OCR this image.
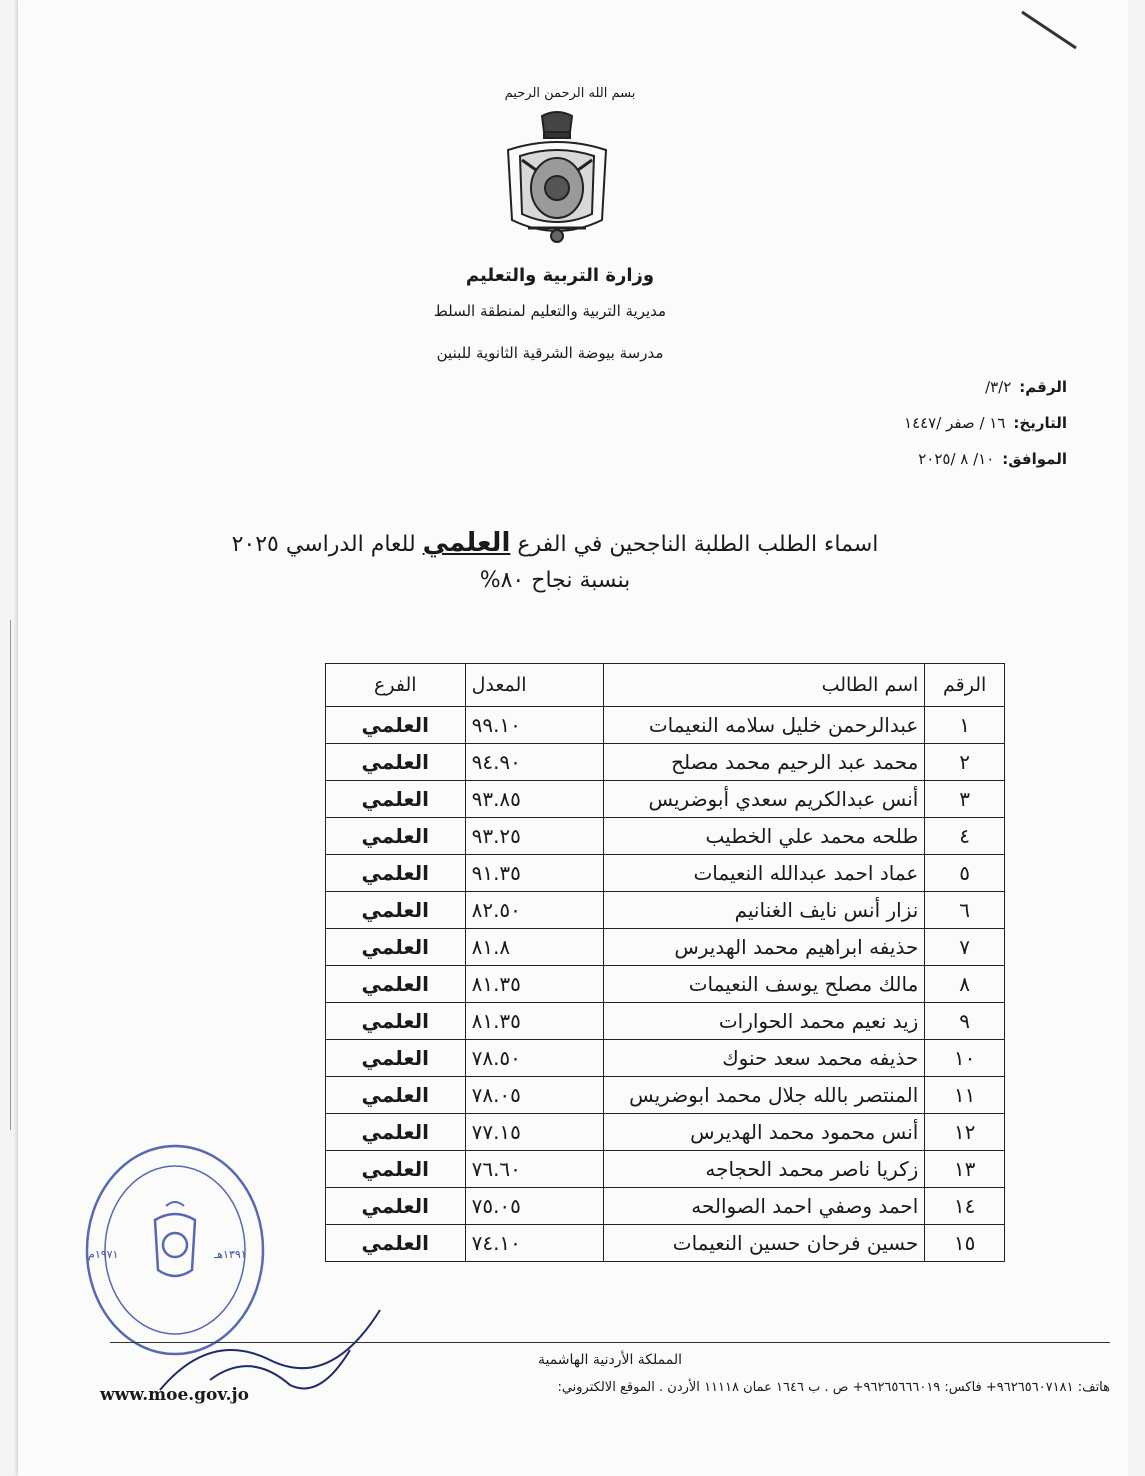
بسم الله الرحمن الرحيم
وزارة التربية والتعليم
مديرية التربية والتعليم لمنطقة السلط
مدرسة بيوضة الشرقية الثانوية للبنين
الرقم:٣/٢/
التاريخ:١٦ / صفر /١٤٤٧
الموافق:١٠/ ٨ /٢٠٢٥
اسماء الطلب الطلبة الناجحين في الفرع العلمي للعام الدراسي ٢٠٢٥
بنسبة نجاح ٨٠%
الرقم	اسم الطالب	المعدل	الفرع
١	عبدالرحمن خليل سلامه النعيمات	٩٩.١٠	العلمي
٢	محمد عبد الرحيم محمد مصلح	٩٤.٩٠	العلمي
٣	أنس عبدالكريم سعدي أبوضريس	٩٣.٨٥	العلمي
٤	طلحه محمد علي الخطيب	٩٣.٢٥	العلمي
٥	عماد احمد عبدالله النعيمات	٩١.٣٥	العلمي
٦	نزار أنس نايف الغنانيم	٨٢.٥٠	العلمي
٧	حذيفه ابراهيم محمد الهديرس	٨١.٨	العلمي
٨	مالك مصلح يوسف النعيمات	٨١.٣٥	العلمي
٩	زيد نعيم محمد الحوارات	٨١.٣٥	العلمي
١٠	حذيفه محمد سعد حنوك	٧٨.٥٠	العلمي
١١	المنتصر بالله جلال محمد ابوضريس	٧٨.٠٥	العلمي
١٢	أنس محمود محمد الهديرس	٧٧.١٥	العلمي
١٣	زكريا ناصر محمد الحجاجه	٧٦.٦٠	العلمي
١٤	احمد وصفي احمد الصوالحه	٧٥.٠٥	العلمي
١٥	حسين فرحان حسين النعيمات	٧٤.١٠	العلمي
١٩٧١م	١٣٩١هـ
المملكة الأردنية الهاشمية
هاتف: ٩٦٢٦٥٦٠٧١٨١+ فاكس: ٩٦٢٦٥٦٦٦٠١٩+ ص . ب ١٦٤٦ عمان ١١١١٨ الأردن . الموقع الالكتروني:
www.moe.gov.jo
